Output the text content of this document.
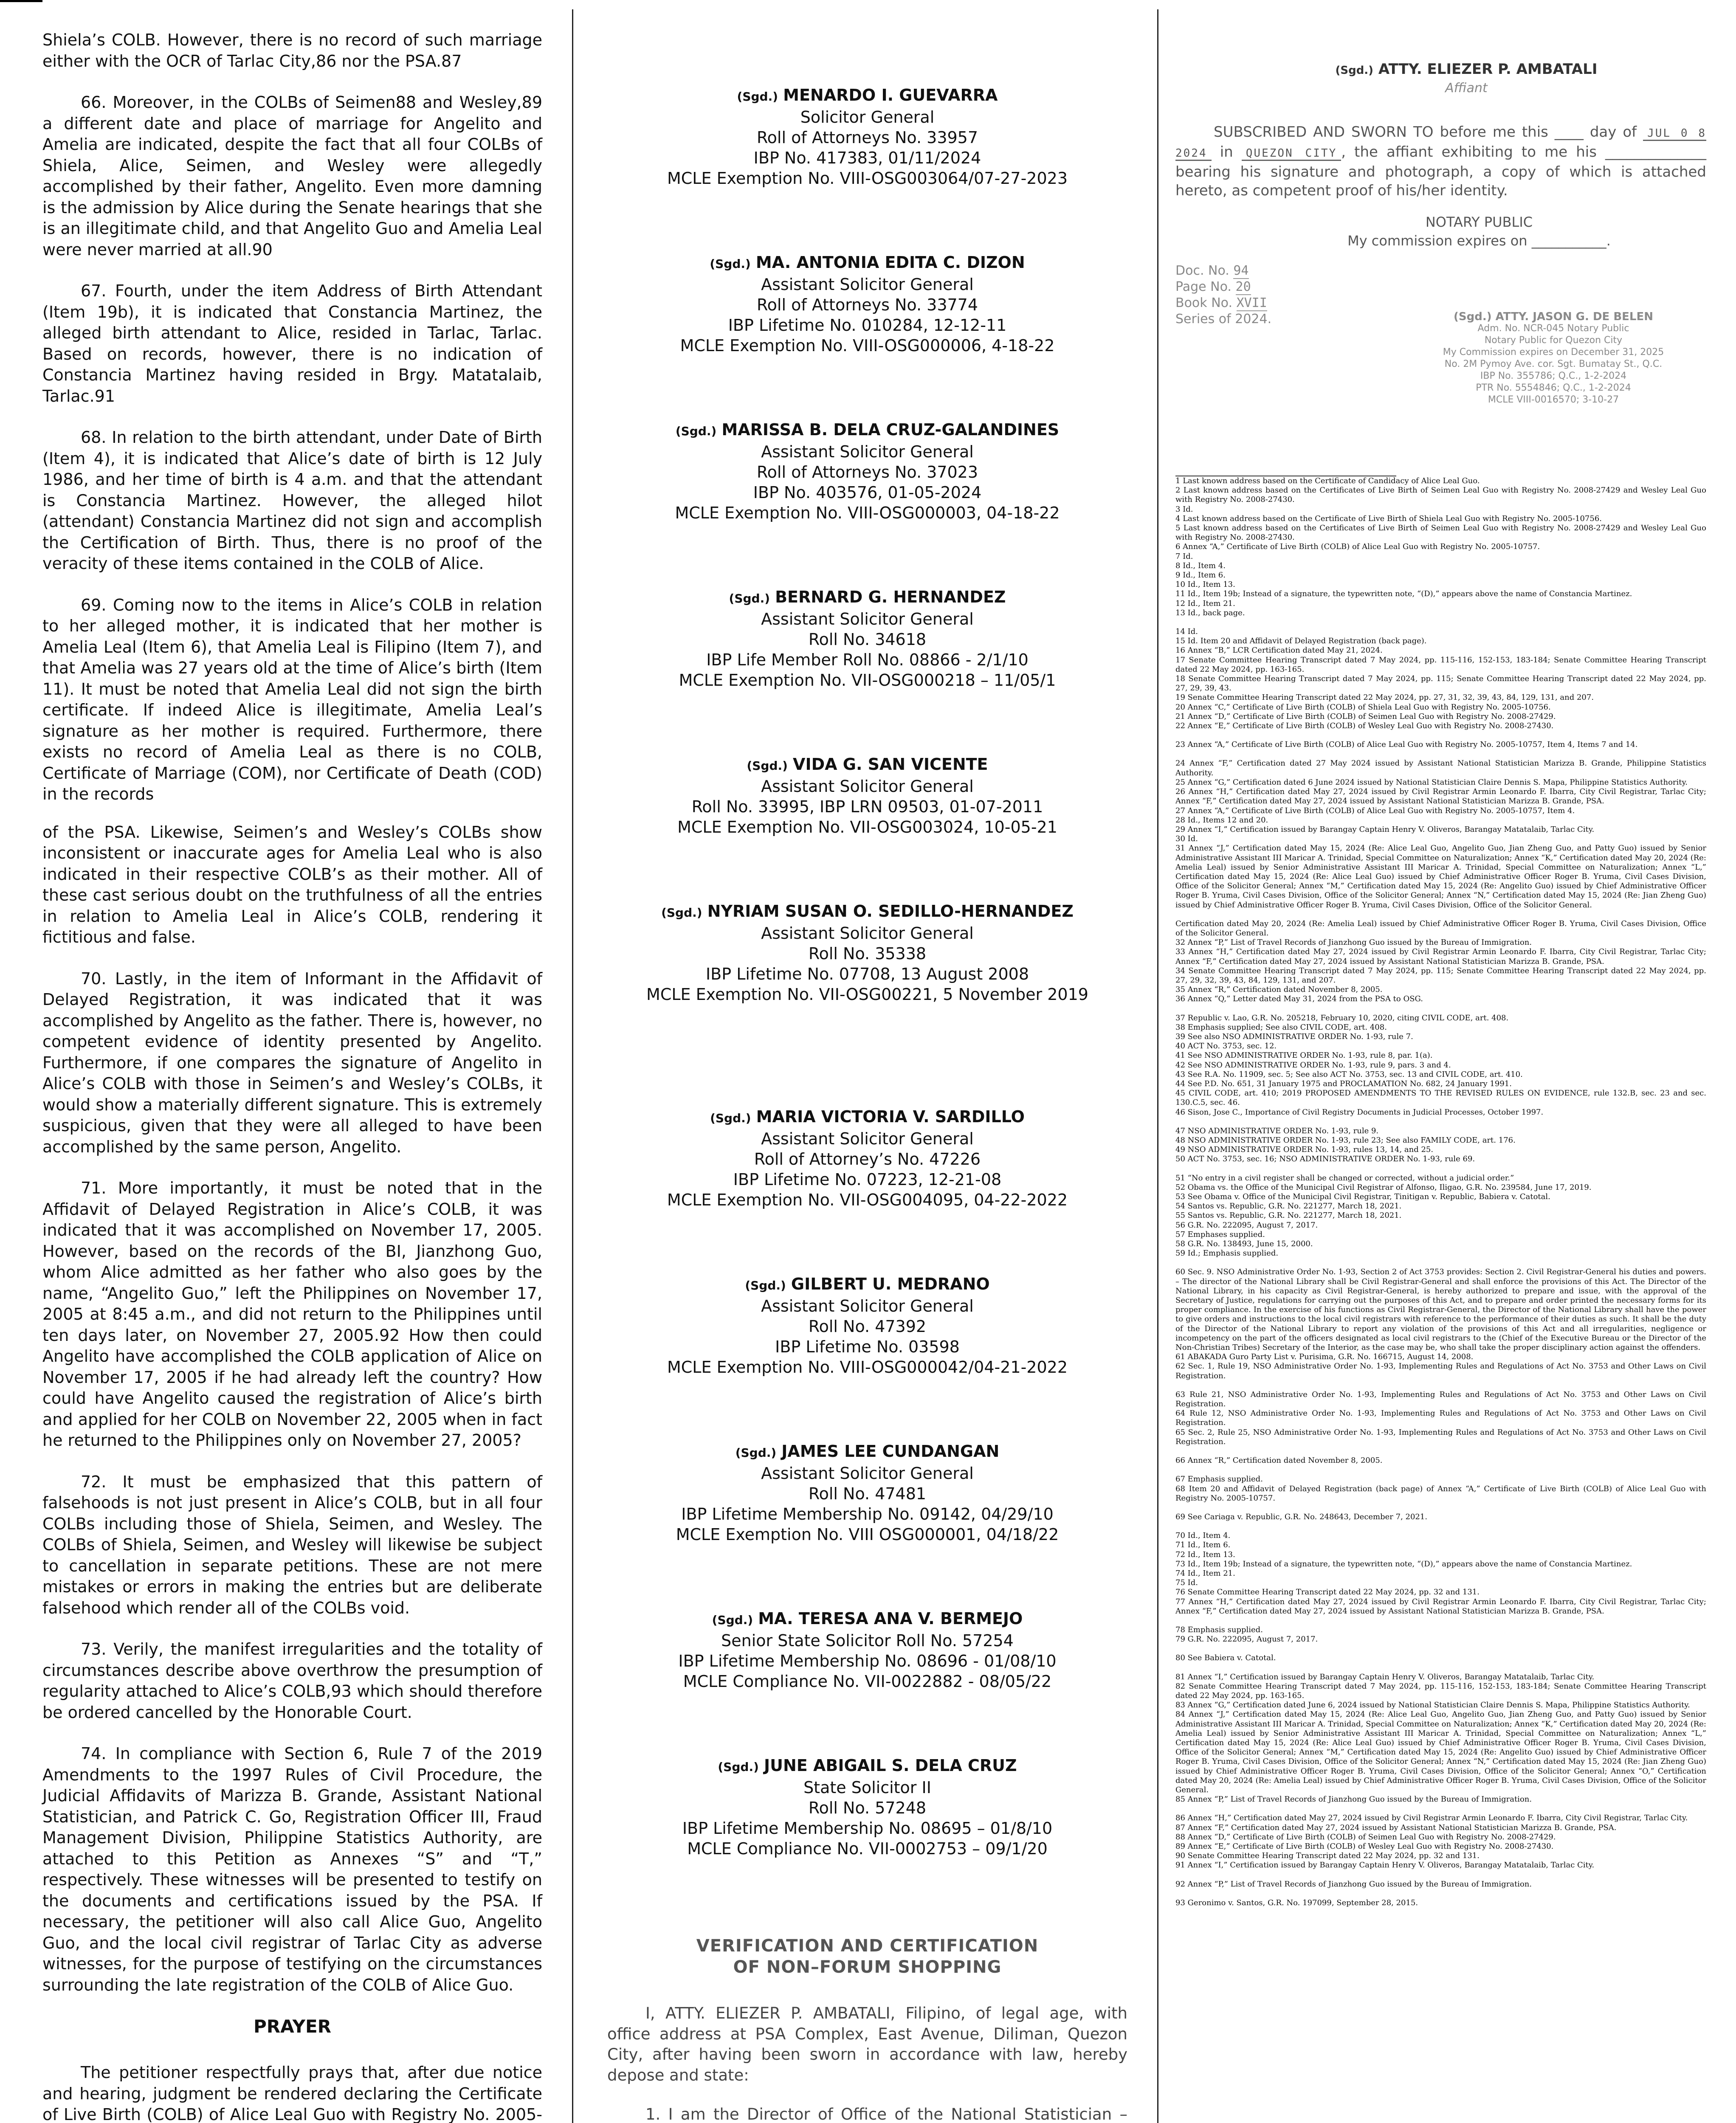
Shiela’s COLB. However, there is no record of such marriage either with the OCR of Tarlac City,86 nor the PSA.87

66. Moreover, in the COLBs of Seimen88 and Wesley,89 a different date and place of marriage for Angelito and Amelia are indicated, despite the fact that all four COLBs of Shiela, Alice, Seimen, and Wesley were allegedly accomplished by their father, Angelito. Even more damning is the admission by Alice during the Senate hearings that she is an illegitimate child, and that Angelito Guo and Amelia Leal were never married at all.90

67. Fourth, under the item Address of Birth Attendant (Item 19b), it is indicated that Constancia Martinez, the alleged birth attendant to Alice, resided in Tarlac, Tarlac. Based on records, however, there is no indication of Constancia Martinez having resided in Brgy. Matatalaib, Tarlac.91

68. In relation to the birth attendant, under Date of Birth (Item 4), it is indicated that Alice’s date of birth is 12 July 1986, and her time of birth is 4 a.m. and that the attendant is Constancia Martinez. However, the alleged hilot (attendant) Constancia Martinez did not sign and accomplish the Certification of Birth. Thus, there is no proof of the veracity of these items contained in the COLB of Alice.

69. Coming now to the items in Alice’s COLB in relation to her alleged mother, it is indicated that her mother is Amelia Leal (Item 6), that Amelia Leal is Filipino (Item 7), and that Amelia was 27 years old at the time of Alice’s birth (Item 11). It must be noted that Amelia Leal did not sign the birth certificate. If indeed Alice is illegitimate, Amelia Leal’s signature as her mother is required. Furthermore, there exists no record of Amelia Leal as there is no COLB, Certificate of Marriage (COM), nor Certificate of Death (COD) in the records

of the PSA. Likewise, Seimen’s and Wesley’s COLBs show inconsistent or inaccurate ages for Amelia Leal who is also indicated in their respective COLB’s as their mother. All of these cast serious doubt on the truthfulness of all the entries in relation to Amelia Leal in Alice’s COLB, rendering it fictitious and false.

70. Lastly, in the item of Informant in the Affidavit of Delayed Registration, it was indicated that it was accomplished by Angelito as the father. There is, however, no competent evidence of identity presented by Angelito. Furthermore, if one compares the signature of Angelito in Alice’s COLB with those in Seimen’s and Wesley’s COLBs, it would show a materially different signature. This is extremely suspicious, given that they were all alleged to have been accomplished by the same person, Angelito.

71. More importantly, it must be noted that in the Affidavit of Delayed Registration in Alice’s COLB, it was indicated that it was accomplished on November 17, 2005. However, based on the records of the BI, Jianzhong Guo, whom Alice admitted as her father who also goes by the name, “Angelito Guo,” left the Philippines on November 17, 2005 at 8:45 a.m., and did not return to the Philippines until ten days later, on November 27, 2005.92 How then could Angelito have accomplished the COLB application of Alice on November 17, 2005 if he had already left the country? How could have Angelito caused the registration of Alice’s birth and applied for her COLB on November 22, 2005 when in fact he returned to the Philippines only on November 27, 2005?

72. It must be emphasized that this pattern of falsehoods is not just present in Alice’s COLB, but in all four COLBs including those of Shiela, Seimen, and Wesley. The COLBs of Shiela, Seimen, and Wesley will likewise be subject to cancellation in separate petitions. These are not mere mistakes or errors in making the entries but are deliberate falsehood which render all of the COLBs void.

73. Verily, the manifest irregularities and the totality of circumstances describe above overthrow the presumption of regularity attached to Alice’s COLB,93 which should therefore be ordered cancelled by the Honorable Court.

74. In compliance with Section 6, Rule 7 of the 2019 Amendments to the 1997 Rules of Civil Procedure, the Judicial Affidavits of Marizza B. Grande, Assistant National Statistician, and Patrick C. Go, Registration Officer III, Fraud Management Division, Philippine Statistics Authority, are attached to this Petition as Annexes “S” and “T,” respectively. These witnesses will be presented to testify on the documents and certifications issued by the PSA. If necessary, the petitioner will also call Alice Guo, Angelito Guo, and the local civil registrar of Tarlac City as adverse witnesses, for the purpose of testifying on the circumstances surrounding the late registration of the COLB of Alice Guo.

PRAYER

The petitioner respectfully prays that, after due notice and hearing, judgment be rendered declaring the Certificate of Live Birth (COLB) of Alice Leal Guo with Registry No. 2005-

(Sgd.) MENARDO I. GUEVARRA
Solicitor General
Roll of Attorneys No. 33957
IBP No. 417383, 01/11/2024
MCLE Exemption No. VIII-OSG003064/07-27-2023
(Sgd.) MA. ANTONIA EDITA C. DIZON
Assistant Solicitor General
Roll of Attorneys No. 33774
IBP Lifetime No. 010284, 12-12-11
MCLE Exemption No. VIII-OSG000006, 4-18-22
(Sgd.) MARISSA B. DELA CRUZ-GALANDINES
Assistant Solicitor General
Roll of Attorneys No. 37023
IBP No. 403576, 01-05-2024
MCLE Exemption No. VIII-OSG000003, 04-18-22
(Sgd.) BERNARD G. HERNANDEZ
Assistant Solicitor General
Roll No. 34618
IBP Life Member Roll No. 08866 - 2/1/10
MCLE Exemption No. VII-OSG000218 – 11/05/1
(Sgd.) VIDA G. SAN VICENTE
Assistant Solicitor General
Roll No. 33995, IBP LRN 09503, 01-07-2011
MCLE Exemption No. VII-OSG003024, 10-05-21
(Sgd.) NYRIAM SUSAN O. SEDILLO-HERNANDEZ
Assistant Solicitor General
Roll No. 35338
IBP Lifetime No. 07708, 13 August 2008
MCLE Exemption No. VII-OSG00221, 5 November 2019
(Sgd.) MARIA VICTORIA V. SARDILLO
Assistant Solicitor General
Roll of Attorney’s No. 47226
IBP Lifetime No. 07223, 12-21-08
MCLE Exemption No. VII-OSG004095, 04-22-2022
(Sgd.) GILBERT U. MEDRANO
Assistant Solicitor General
Roll No. 47392
IBP Lifetime No. 03598
MCLE Exemption No. VIII-OSG000042/04-21-2022
(Sgd.) JAMES LEE CUNDANGAN
Assistant Solicitor General
Roll No. 47481
IBP Lifetime Membership No. 09142, 04/29/10
MCLE Exemption No. VIII OSG000001, 04/18/22
(Sgd.) MA. TERESA ANA V. BERMEJO
Senior State Solicitor Roll No. 57254
IBP Lifetime Membership No. 08696 - 01/08/10
MCLE Compliance No. VII-0022882 - 08/05/22
(Sgd.) JUNE ABIGAIL S. DELA CRUZ
State Solicitor II
Roll No. 57248
IBP Lifetime Membership No. 08695 – 01/8/10
MCLE Compliance No. VII-0002753 – 09/1/20
VERIFICATION AND CERTIFICATION
OF NON–FORUM SHOPPING

I, ATTY. ELIEZER P. AMBATALI, Filipino, of legal age, with office address at PSA Complex, East Avenue, Diliman, Quezon City, after having been sworn in accordance with law, hereby depose and state:

1. I am the Director of Office of the National Statistician –

(Sgd.) ATTY. ELIEZER P. AMBATALI
Affiant

SUBSCRIBED AND SWORN TO before me this ____ day of JUL 0 8 2024 in QUEZON CITY , the affiant exhibiting to me his ______________ bearing his signature and photograph, a copy of which is attached hereto, as competent proof of his/her identity.

NOTARY PUBLIC
My commission expires on ___________.
Doc. No. 94
Page No. 20
Book No. XVII
Series of 2024.	(Sgd.) ATTY. JASON G. DE BELEN
Adm. No. NCR-045 Notary Public
Notary Public for Quezon City
My Commission expires on December 31, 2025
No. 2M Pymoy Ave. cor. Sgt. Bumatay St., Q.C.
IBP No. 355786; Q.C., 1-2-2024
PTR No. 5554846; Q.C., 1-2-2024
MCLE VIII-0016570; 3-10-27
1 Last known address based on the Certificate of Candidacy of Alice Leal Guo.
2 Last known address based on the Certificates of Live Birth of Seimen Leal Guo with Registry No. 2008-27429 and Wesley Leal Guo with Registry No. 2008-27430.
3 Id.
4 Last known address based on the Certificate of Live Birth of Shiela Leal Guo with Registry No. 2005-10756.
5 Last known address based on the Certificates of Live Birth of Seimen Leal Guo with Registry No. 2008-27429 and Wesley Leal Guo with Registry No. 2008-27430.
6 Annex “A,” Certificate of Live Birth (COLB) of Alice Leal Guo with Registry No. 2005-10757.
7 Id.
8 Id., Item 4.
9 Id., Item 6.
10 Id., Item 13.
11 Id., Item 19b; Instead of a signature, the typewritten note, “(D),” appears above the name of Constancia Martinez.
12 Id., Item 21.
13 Id., back page.
14 Id.
15 Id. Item 20 and Affidavit of Delayed Registration (back page).
16 Annex “B,” LCR Certification dated May 21, 2024.
17 Senate Committee Hearing Transcript dated 7 May 2024, pp. 115-116, 152-153, 183-184; Senate Committee Hearing Transcript dated 22 May 2024, pp. 163-165.
18 Senate Committee Hearing Transcript dated 7 May 2024, pp. 115; Senate Committee Hearing Transcript dated 22 May 2024, pp. 27, 29, 39, 43.
19 Senate Committee Hearing Transcript dated 22 May 2024, pp. 27, 31, 32, 39, 43, 84, 129, 131, and 207.
20 Annex “C,” Certificate of Live Birth (COLB) of Shiela Leal Guo with Registry No. 2005-10756.
21 Annex “D,” Certificate of Live Birth (COLB) of Seimen Leal Guo with Registry No. 2008-27429.
22 Annex “E,” Certificate of Live Birth (COLB) of Wesley Leal Guo with Registry No. 2008-27430.
23 Annex “A,” Certificate of Live Birth (COLB) of Alice Leal Guo with Registry No. 2005-10757, Item 4, Items 7 and 14.
24 Annex “F,” Certification dated 27 May 2024 issued by Assistant National Statistician Marizza B. Grande, Philippine Statistics Authority.
25 Annex “G,” Certification dated 6 June 2024 issued by National Statistician Claire Dennis S. Mapa, Philippine Statistics Authority.
26 Annex “H,” Certification dated May 27, 2024 issued by Civil Registrar Armin Leonardo F. Ibarra, City Civil Registrar, Tarlac City; Annex “F,” Certification dated May 27, 2024 issued by Assistant National Statistician Marizza B. Grande, PSA.
27 Annex “A,” Certificate of Live Birth (COLB) of Alice Leal Guo with Registry No. 2005-10757, Item 4.
28 Id., Items 12 and 20.
29 Annex “I,” Certification issued by Barangay Captain Henry V. Oliveros, Barangay Matatalaib, Tarlac City.
30 Id.
31 Annex “J,” Certification dated May 15, 2024 (Re: Alice Leal Guo, Angelito Guo, Jian Zheng Guo, and Patty Guo) issued by Senior Administrative Assistant III Maricar A. Trinidad, Special Committee on Naturalization; Annex “K,” Certification dated May 20, 2024 (Re: Amelia Leal) issued by Senior Administrative Assistant III Maricar A. Trinidad, Special Committee on Naturalization; Annex “L,” Certification dated May 15, 2024 (Re: Alice Leal Guo) issued by Chief Administrative Officer Roger B. Yruma, Civil Cases Division, Office of the Solicitor General; Annex “M,” Certification dated May 15, 2024 (Re: Angelito Guo) issued by Chief Administrative Officer Roger B. Yruma, Civil Cases Division, Office of the Solicitor General; Annex “N,” Certification dated May 15, 2024 (Re: Jian Zheng Guo) issued by Chief Administrative Officer Roger B. Yruma, Civil Cases Division, Office of the Solicitor General.
Certification dated May 20, 2024 (Re: Amelia Leal) issued by Chief Administrative Officer Roger B. Yruma, Civil Cases Division, Office of the Solicitor General.
32 Annex “P,” List of Travel Records of Jianzhong Guo issued by the Bureau of Immigration.
33 Annex “H,” Certification dated May 27, 2024 issued by Civil Registrar Armin Leonardo F. Ibarra, City Civil Registrar, Tarlac City; Annex “F,” Certification dated May 27, 2024 issued by Assistant National Statistician Marizza B. Grande, PSA.
34 Senate Committee Hearing Transcript dated 7 May 2024, pp. 115; Senate Committee Hearing Transcript dated 22 May 2024, pp. 27, 29, 32, 39, 43, 84, 129, 131, and 207.
35 Annex “R,” Certification dated November 8, 2005.
36 Annex “Q,” Letter dated May 31, 2024 from the PSA to OSG.
37 Republic v. Lao, G.R. No. 205218, February 10, 2020, citing CIVIL CODE, art. 408.
38 Emphasis supplied; See also CIVIL CODE, art. 408.
39 See also NSO ADMINISTRATIVE ORDER No. 1-93, rule 7.
40 ACT No. 3753, sec. 12.
41 See NSO ADMINISTRATIVE ORDER No. 1-93, rule 8, par. 1(a).
42 See NSO ADMINISTRATIVE ORDER No. 1-93, rule 9, pars. 3 and 4.
43 See R.A. No. 11909, sec. 5; See also ACT No. 3753, sec. 13 and CIVIL CODE, art. 410.
44 See P.D. No. 651, 31 January 1975 and PROCLAMATION No. 682, 24 January 1991.
45 CIVIL CODE, art. 410; 2019 PROPOSED AMENDMENTS TO THE REVISED RULES ON EVIDENCE, rule 132.B, sec. 23 and sec. 130.C.5, sec. 46.
46 Sison, Jose C., Importance of Civil Registry Documents in Judicial Processes, October 1997.
47 NSO ADMINISTRATIVE ORDER No. 1-93, rule 9.
48 NSO ADMINISTRATIVE ORDER No. 1-93, rule 23; See also FAMILY CODE, art. 176.
49 NSO ADMINISTRATIVE ORDER No. 1-93, rules 13, 14, and 25.
50 ACT No. 3753, sec. 16; NSO ADMINISTRATIVE ORDER No. 1-93, rule 69.
51 “No entry in a civil register shall be changed or corrected, without a judicial order.”
52 Obama vs. the Office of the Municipal Civil Registrar of Alfonso, Iligao, G.R. No. 239584, June 17, 2019.
53 See Obama v. Office of the Municipal Civil Registrar, Tinitigan v. Republic, Babiera v. Catotal.
54 Santos vs. Republic, G.R. No. 221277, March 18, 2021.
55 Santos vs. Republic, G.R. No. 221277, March 18, 2021.
56 G.R. No. 222095, August 7, 2017.
57 Emphases supplied.
58 G.R. No. 138493, June 15, 2000.
59 Id.; Emphasis supplied.
60 Sec. 9. NSO Administrative Order No. 1-93, Section 2 of Act 3753 provides: Section 2. Civil Registrar-General his duties and powers. – The director of the National Library shall be Civil Registrar-General and shall enforce the provisions of this Act. The Director of the National Library, in his capacity as Civil Registrar-General, is hereby authorized to prepare and issue, with the approval of the Secretary of Justice, regulations for carrying out the purposes of this Act, and to prepare and order printed the necessary forms for its proper compliance. In the exercise of his functions as Civil Registrar-General, the Director of the National Library shall have the power to give orders and instructions to the local civil registrars with reference to the performance of their duties as such. It shall be the duty of the Director of the National Library to report any violation of the provisions of this Act and all irregularities, negligence or incompetency on the part of the officers designated as local civil registrars to the (Chief of the Executive Bureau or the Director of the Non-Christian Tribes) Secretary of the Interior, as the case may be, who shall take the proper disciplinary action against the offenders.
61 ABAKADA Guro Party List v. Purisima, G.R. No. 166715, August 14, 2008.
62 Sec. 1, Rule 19, NSO Administrative Order No. 1-93, Implementing Rules and Regulations of Act No. 3753 and Other Laws on Civil Registration.
63 Rule 21, NSO Administrative Order No. 1-93, Implementing Rules and Regulations of Act No. 3753 and Other Laws on Civil Registration.
64 Rule 12, NSO Administrative Order No. 1-93, Implementing Rules and Regulations of Act No. 3753 and Other Laws on Civil Registration.
65 Sec. 2, Rule 25, NSO Administrative Order No. 1-93, Implementing Rules and Regulations of Act No. 3753 and Other Laws on Civil Registration.
66 Annex “R,” Certification dated November 8, 2005.
67 Emphasis supplied.
68 Item 20 and Affidavit of Delayed Registration (back page) of Annex “A,” Certificate of Live Birth (COLB) of Alice Leal Guo with Registry No. 2005-10757.
69 See Cariaga v. Republic, G.R. No. 248643, December 7, 2021.
70 Id., Item 4.
71 Id., Item 6.
72 Id., Item 13.
73 Id., Item 19b; Instead of a signature, the typewritten note, “(D),” appears above the name of Constancia Martinez.
74 Id., Item 21.
75 Id.
76 Senate Committee Hearing Transcript dated 22 May 2024, pp. 32 and 131.
77 Annex “H,” Certification dated May 27, 2024 issued by Civil Registrar Armin Leonardo F. Ibarra, City Civil Registrar, Tarlac City; Annex “F,” Certification dated May 27, 2024 issued by Assistant National Statistician Marizza B. Grande, PSA.
78 Emphasis supplied.
79 G.R. No. 222095, August 7, 2017.
80 See Babiera v. Catotal.
81 Annex “I,” Certification issued by Barangay Captain Henry V. Oliveros, Barangay Matatalaib, Tarlac City.
82 Senate Committee Hearing Transcript dated 7 May 2024, pp. 115-116, 152-153, 183-184; Senate Committee Hearing Transcript dated 22 May 2024, pp. 163-165.
83 Annex “G,” Certification dated June 6, 2024 issued by National Statistician Claire Dennis S. Mapa, Philippine Statistics Authority.
84 Annex “J,” Certification dated May 15, 2024 (Re: Alice Leal Guo, Angelito Guo, Jian Zheng Guo, and Patty Guo) issued by Senior Administrative Assistant III Maricar A. Trinidad, Special Committee on Naturalization; Annex “K,” Certification dated May 20, 2024 (Re: Amelia Leal) issued by Senior Administrative Assistant III Maricar A. Trinidad, Special Committee on Naturalization; Annex “L,” Certification dated May 15, 2024 (Re: Alice Leal Guo) issued by Chief Administrative Officer Roger B. Yruma, Civil Cases Division, Office of the Solicitor General; Annex “M,” Certification dated May 15, 2024 (Re: Angelito Guo) issued by Chief Administrative Officer Roger B. Yruma, Civil Cases Division, Office of the Solicitor General; Annex “N,” Certification dated May 15, 2024 (Re: Jian Zheng Guo) issued by Chief Administrative Officer Roger B. Yruma, Civil Cases Division, Office of the Solicitor General; Annex “O,” Certification dated May 20, 2024 (Re: Amelia Leal) issued by Chief Administrative Officer Roger B. Yruma, Civil Cases Division, Office of the Solicitor General.
85 Annex “P,” List of Travel Records of Jianzhong Guo issued by the Bureau of Immigration.
86 Annex “H,” Certification dated May 27, 2024 issued by Civil Registrar Armin Leonardo F. Ibarra, City Civil Registrar, Tarlac City.
87 Annex “F,” Certification dated May 27, 2024 issued by Assistant National Statistician Marizza B. Grande, PSA.
88 Annex “D,” Certificate of Live Birth (COLB) of Seimen Leal Guo with Registry No. 2008-27429.
89 Annex “E,” Certificate of Live Birth (COLB) of Wesley Leal Guo with Registry No. 2008-27430.
90 Senate Committee Hearing Transcript dated 22 May 2024, pp. 32 and 131.
91 Annex “I,” Certification issued by Barangay Captain Henry V. Oliveros, Barangay Matatalaib, Tarlac City.
92 Annex “P,” List of Travel Records of Jianzhong Guo issued by the Bureau of Immigration.
93 Geronimo v. Santos, G.R. No. 197099, September 28, 2015.
